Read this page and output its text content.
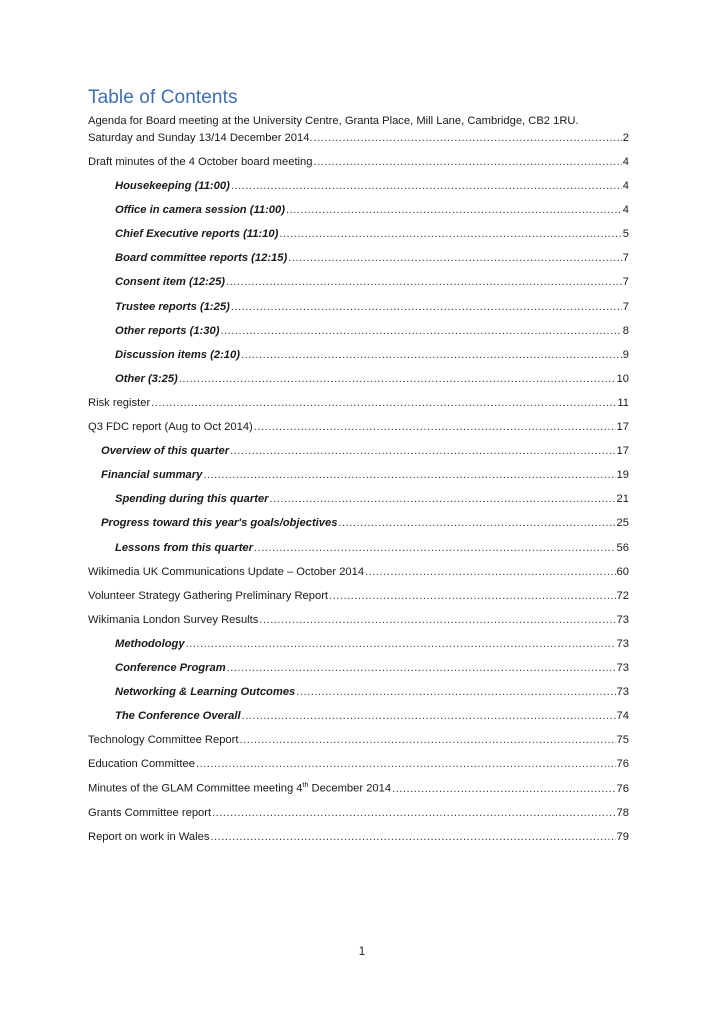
Table of Contents
Agenda for Board meeting at the University Centre, Granta Place, Mill Lane, Cambridge, CB2 1RU.
Saturday and Sunday 13/14 December 2014. .....	2
Draft minutes of the 4 October board meeting .....	4
Housekeeping (11:00) .....	4
Office in camera session (11:00) .....	4
Chief Executive reports (11:10) .....	5
Board committee reports (12:15) .....	7
Consent item (12:25) .....	7
Trustee reports (1:25) .....	7
Other reports (1:30) .....	8
Discussion items (2:10) .....	9
Other (3:25) .....	10
Risk register .....	11
Q3 FDC report (Aug to Oct 2014) .....	17
Overview of this quarter .....	17
Financial summary .....	19
Spending during this quarter .....	21
Progress toward this year's goals/objectives .....	25
Lessons from this quarter .....	56
Wikimedia UK Communications Update – October 2014 .....	60
Volunteer Strategy Gathering Preliminary Report .....	72
Wikimania London Survey Results .....	73
Methodology .....	73
Conference Program .....	73
Networking & Learning Outcomes .....	73
The Conference Overall .....	74
Technology Committee Report .....	75
Education Committee .....	76
Minutes of the GLAM Committee meeting 4th December 2014 .....	76
Grants Committee report .....	78
Report on work in Wales .....	79
1
